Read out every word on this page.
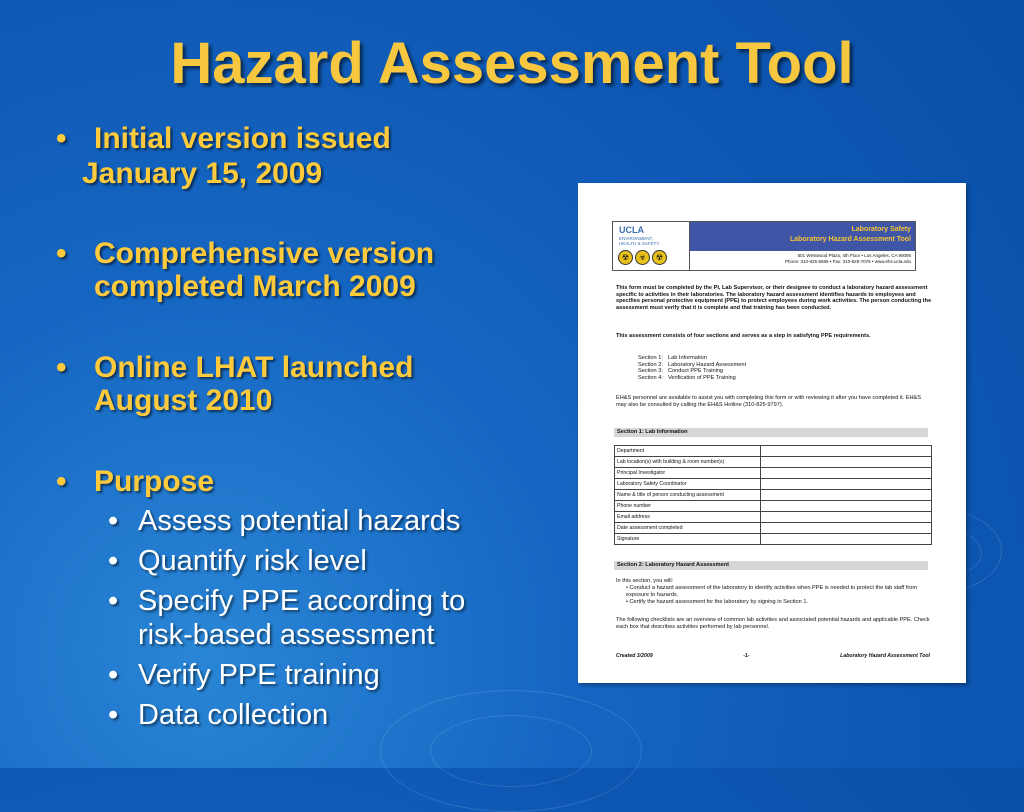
Hazard Assessment Tool
• Initial version issued
January 15, 2009
• Comprehensive version
completed March 2009
• Online LHAT launched
August 2010
• Purpose
• Assess potential hazards
• Quantify risk level
• Specify PPE according to
risk-based assessment
• Verify PPE training
• Data collection
UCLA
ENVIRONMENT,
HEALTH & SAFETY
☢	☣	☢
Laboratory Safety
Laboratory Hazard Assessment Tool
501 Westwood Plaza, 4th Floor • Los Angeles, CA 90095
Phone: 310-825-5689 • Fax: 310-825-7076 • www.ehs.ucla.edu
This form must be completed by the PI, Lab Supervisor, or their designee to conduct a laboratory hazard assessment specific to activities in their laboratories. The laboratory hazard assessment identifies hazards to employees and specifies personal protective equipment (PPE) to protect employees during work activities. The person conducting the assessment must verify that it is complete and that training has been conducted.
This assessment consists of four sections and serves as a step in satisfying PPE requirements.
Section 1: Lab Information
Section 2: Laboratory Hazard Assessment
Section 3: Conduct PPE Training
Section 4: Verification of PPE Training
EH&S personnel are available to assist you with completing this form or with reviewing it after you have completed it. EH&S may also be consulted by calling the EH&S Hotline (310-825-9797).
Section 1: Lab Information
Department	
Lab location(s) with building & room number(s)	
Principal Investigator	
Laboratory Safety Coordinator	
Name & title of person conducting assessment	
Phone number	
Email address	
Date assessment completed	
Signature	
Section 2: Laboratory Hazard Assessment
In this section, you will:
• Conduct a hazard assessment of the laboratory to identify activities when PPE is needed to protect the lab staff from exposure to hazards.
• Certify the hazard assessment for the laboratory by signing in Section 1.
The following checklists are an overview of common lab activities and associated potential hazards and applicable PPE. Check each box that describes activities performed by lab personnel.
Created 3/2009	-1-	Laboratory Hazard Assessment Tool
